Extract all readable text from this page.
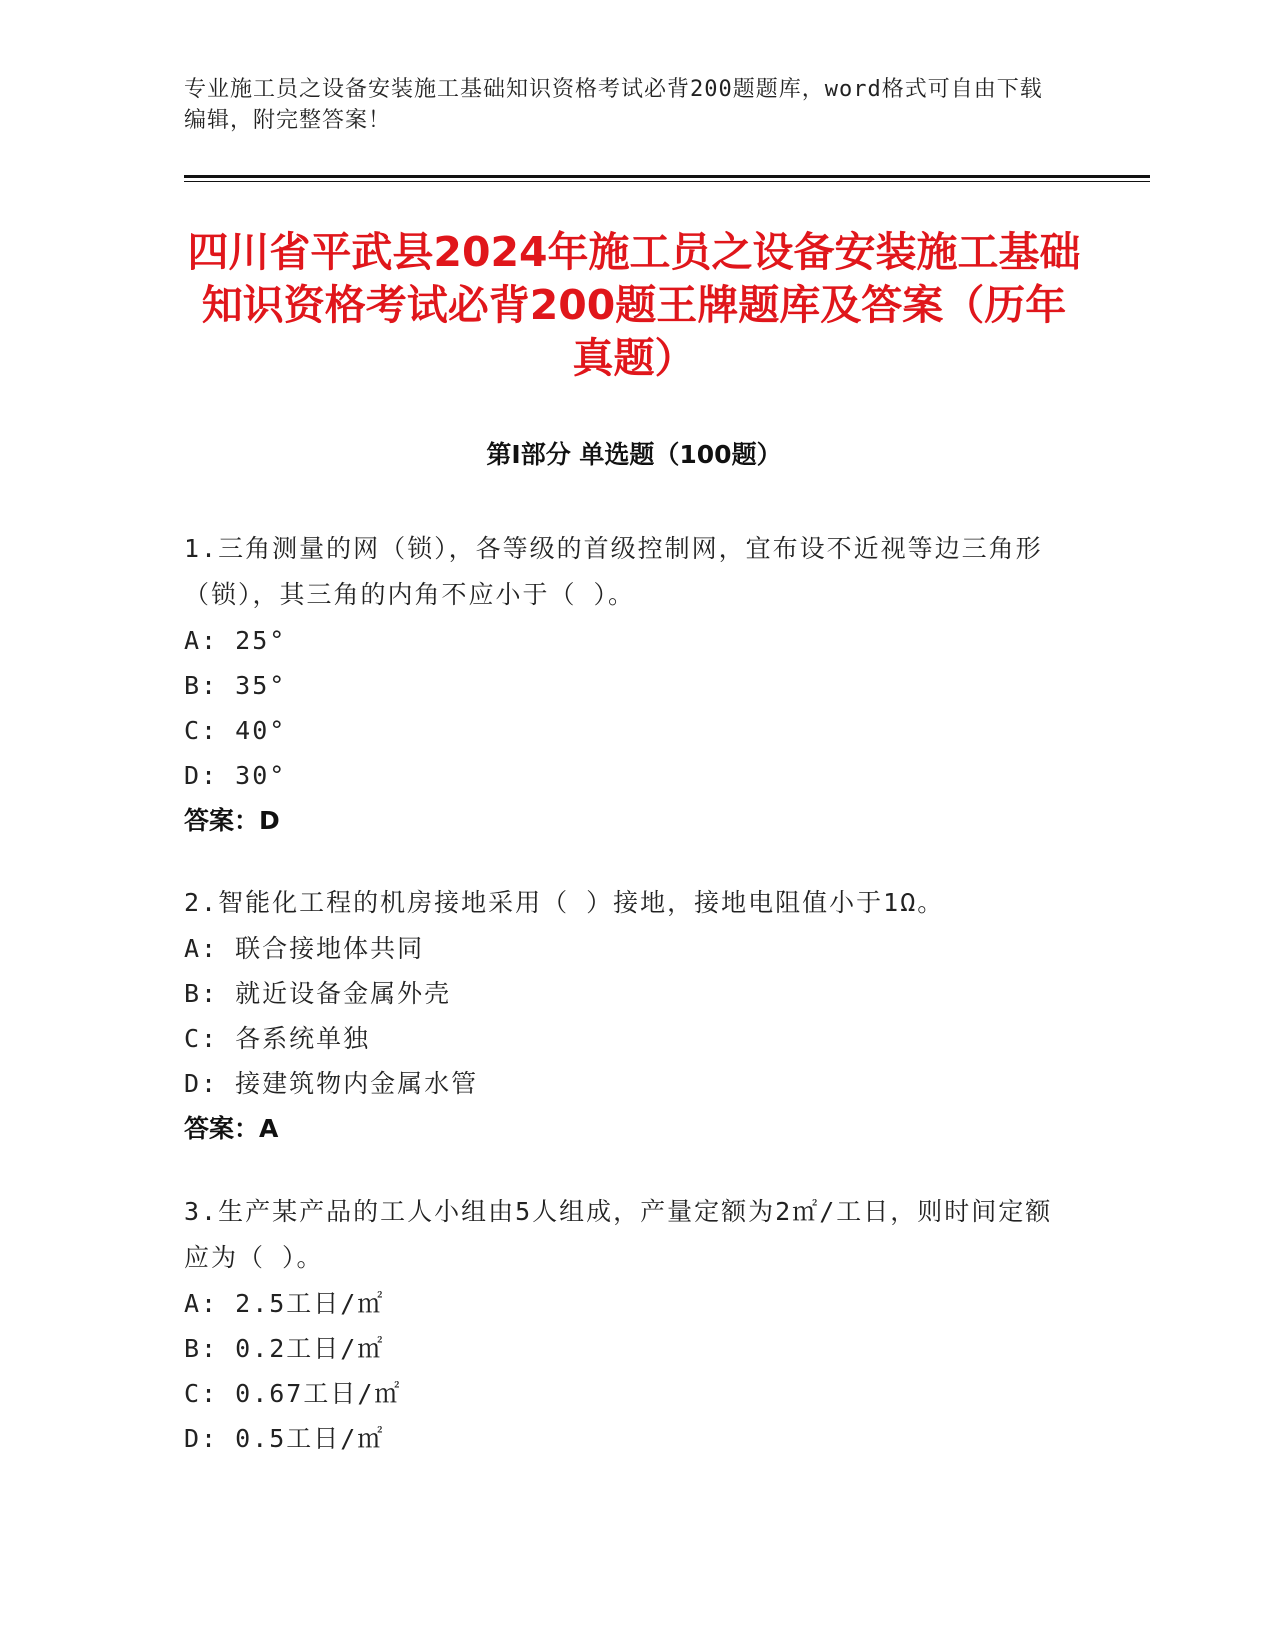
专业施工员之设备安装施工基础知识资格考试必背200题题库，word格式可自由下载编辑，附完整答案！
四川省平武县2024年施工员之设备安装施工基础知识资格考试必背200题王牌题库及答案（历年真题）
第I部分 单选题（100题）
1.三角测量的网（锁），各等级的首级控制网，宜布设不近视等边三角形（锁），其三角的内角不应小于（ ）。
A: 25°
B: 35°
C: 40°
D: 30°
答案：D
2.智能化工程的机房接地采用（ ）接地，接地电阻值小于1Ω。
A: 联合接地体共同
B: 就近设备金属外壳
C: 各系统单独
D: 接建筑物内金属水管
答案：A
3.生产某产品的工人小组由5人组成，产量定额为2㎡/工日，则时间定额应为（ ）。
A: 2.5工日/㎡
B: 0.2工日/㎡
C: 0.67工日/㎡
D: 0.5工日/㎡
